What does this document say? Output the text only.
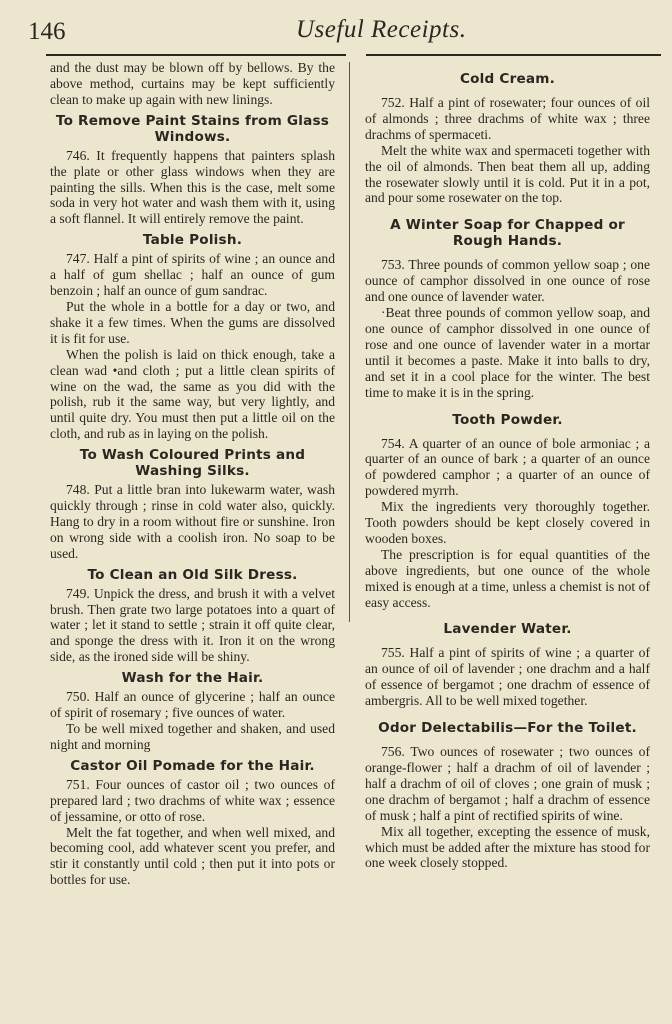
146	Useful Receipts.

and the dust may be blown off by bellows. By the above method, curtains may be kept sufficiently clean to make up again with new linings.

To Remove Paint Stains from Glass Windows.

746. It frequently happens that painters splash the plate or other glass windows when they are painting the sills. When this is the case, melt some soda in very hot water and wash them with it, using a soft flannel. It will entirely remove the paint.

Table Polish.

747. Half a pint of spirits of wine ; an ounce and a half of gum shellac ; half an ounce of gum benzoin ; half an ounce of gum sandrac.

Put the whole in a bottle for a day or two, and shake it a few times. When the gums are dissolved it is fit for use.

When the polish is laid on thick enough, take a clean wad •and cloth ; put a little clean spirits of wine on the wad, the same as you did with the polish, rub it the same way, but very lightly, and until quite dry. You must then put a little oil on the cloth, and rub as in laying on the polish.

To Wash Coloured Prints and Washing Silks.

748. Put a little bran into lukewarm water, wash quickly through ; rinse in cold water also, quickly. Hang to dry in a room without fire or sunshine. Iron on wrong side with a coolish iron. No soap to be used.

To Clean an Old Silk Dress.

749. Unpick the dress, and brush it with a velvet brush. Then grate two large potatoes into a quart of water ; let it stand to settle ; strain it off quite clear, and sponge the dress with it. Iron it on the wrong side, as the ironed side will be shiny.

Wash for the Hair.

750. Half an ounce of glycerine ; half an ounce of spirit of rosemary ; five ounces of water.

To be well mixed together and shaken, and used night and morning

Castor Oil Pomade for the Hair.

751. Four ounces of castor oil ; two ounces of prepared lard ; two drachms of white wax ; essence of jessamine, or otto of rose.

Melt the fat together, and when well mixed, and becoming cool, add whatever scent you prefer, and stir it constantly until cold ; then put it into pots or bottles for use.

Cold Cream.

752. Half a pint of rosewater; four ounces of oil of almonds ; three drachms of white wax ; three drachms of spermaceti.

Melt the white wax and spermaceti together with the oil of almonds. Then beat them all up, adding the rosewater slowly until it is cold. Put it in a pot, and pour some rosewater on the top.

A Winter Soap for Chapped or Rough Hands.

753. Three pounds of common yellow soap ; one ounce of camphor dissolved in one ounce of rose and one ounce of lavender water.

·Beat three pounds of common yellow soap, and one ounce of camphor dissolved in one ounce of rose and one ounce of lavender water in a mortar until it becomes a paste. Make it into balls to dry, and set it in a cool place for the winter. The best time to make it is in the spring.

Tooth Powder.

754. A quarter of an ounce of bole armoniac ; a quarter of an ounce of bark ; a quarter of an ounce of powdered camphor ; a quarter of an ounce of powdered myrrh.

Mix the ingredients very thoroughly together. Tooth powders should be kept closely covered in wooden boxes.

The prescription is for equal quantities of the above ingredients, but one ounce of the whole mixed is enough at a time, unless a chemist is not of easy access.

Lavender Water.

755. Half a pint of spirits of wine ; a quarter of an ounce of oil of lavender ; one drachm and a half of essence of bergamot ; one drachm of essence of ambergris. All to be well mixed together.

Odor Delectabilis—For the Toilet.

756. Two ounces of rosewater ; two ounces of orange-flower ; half a drachm of oil of lavender ; half a drachm of oil of cloves ; one grain of musk ; one drachm of bergamot ; half a drachm of essence of musk ; half a pint of rectified spirits of wine.

Mix all together, excepting the essence of musk, which must be added after the mixture has stood for one week closely stopped.
